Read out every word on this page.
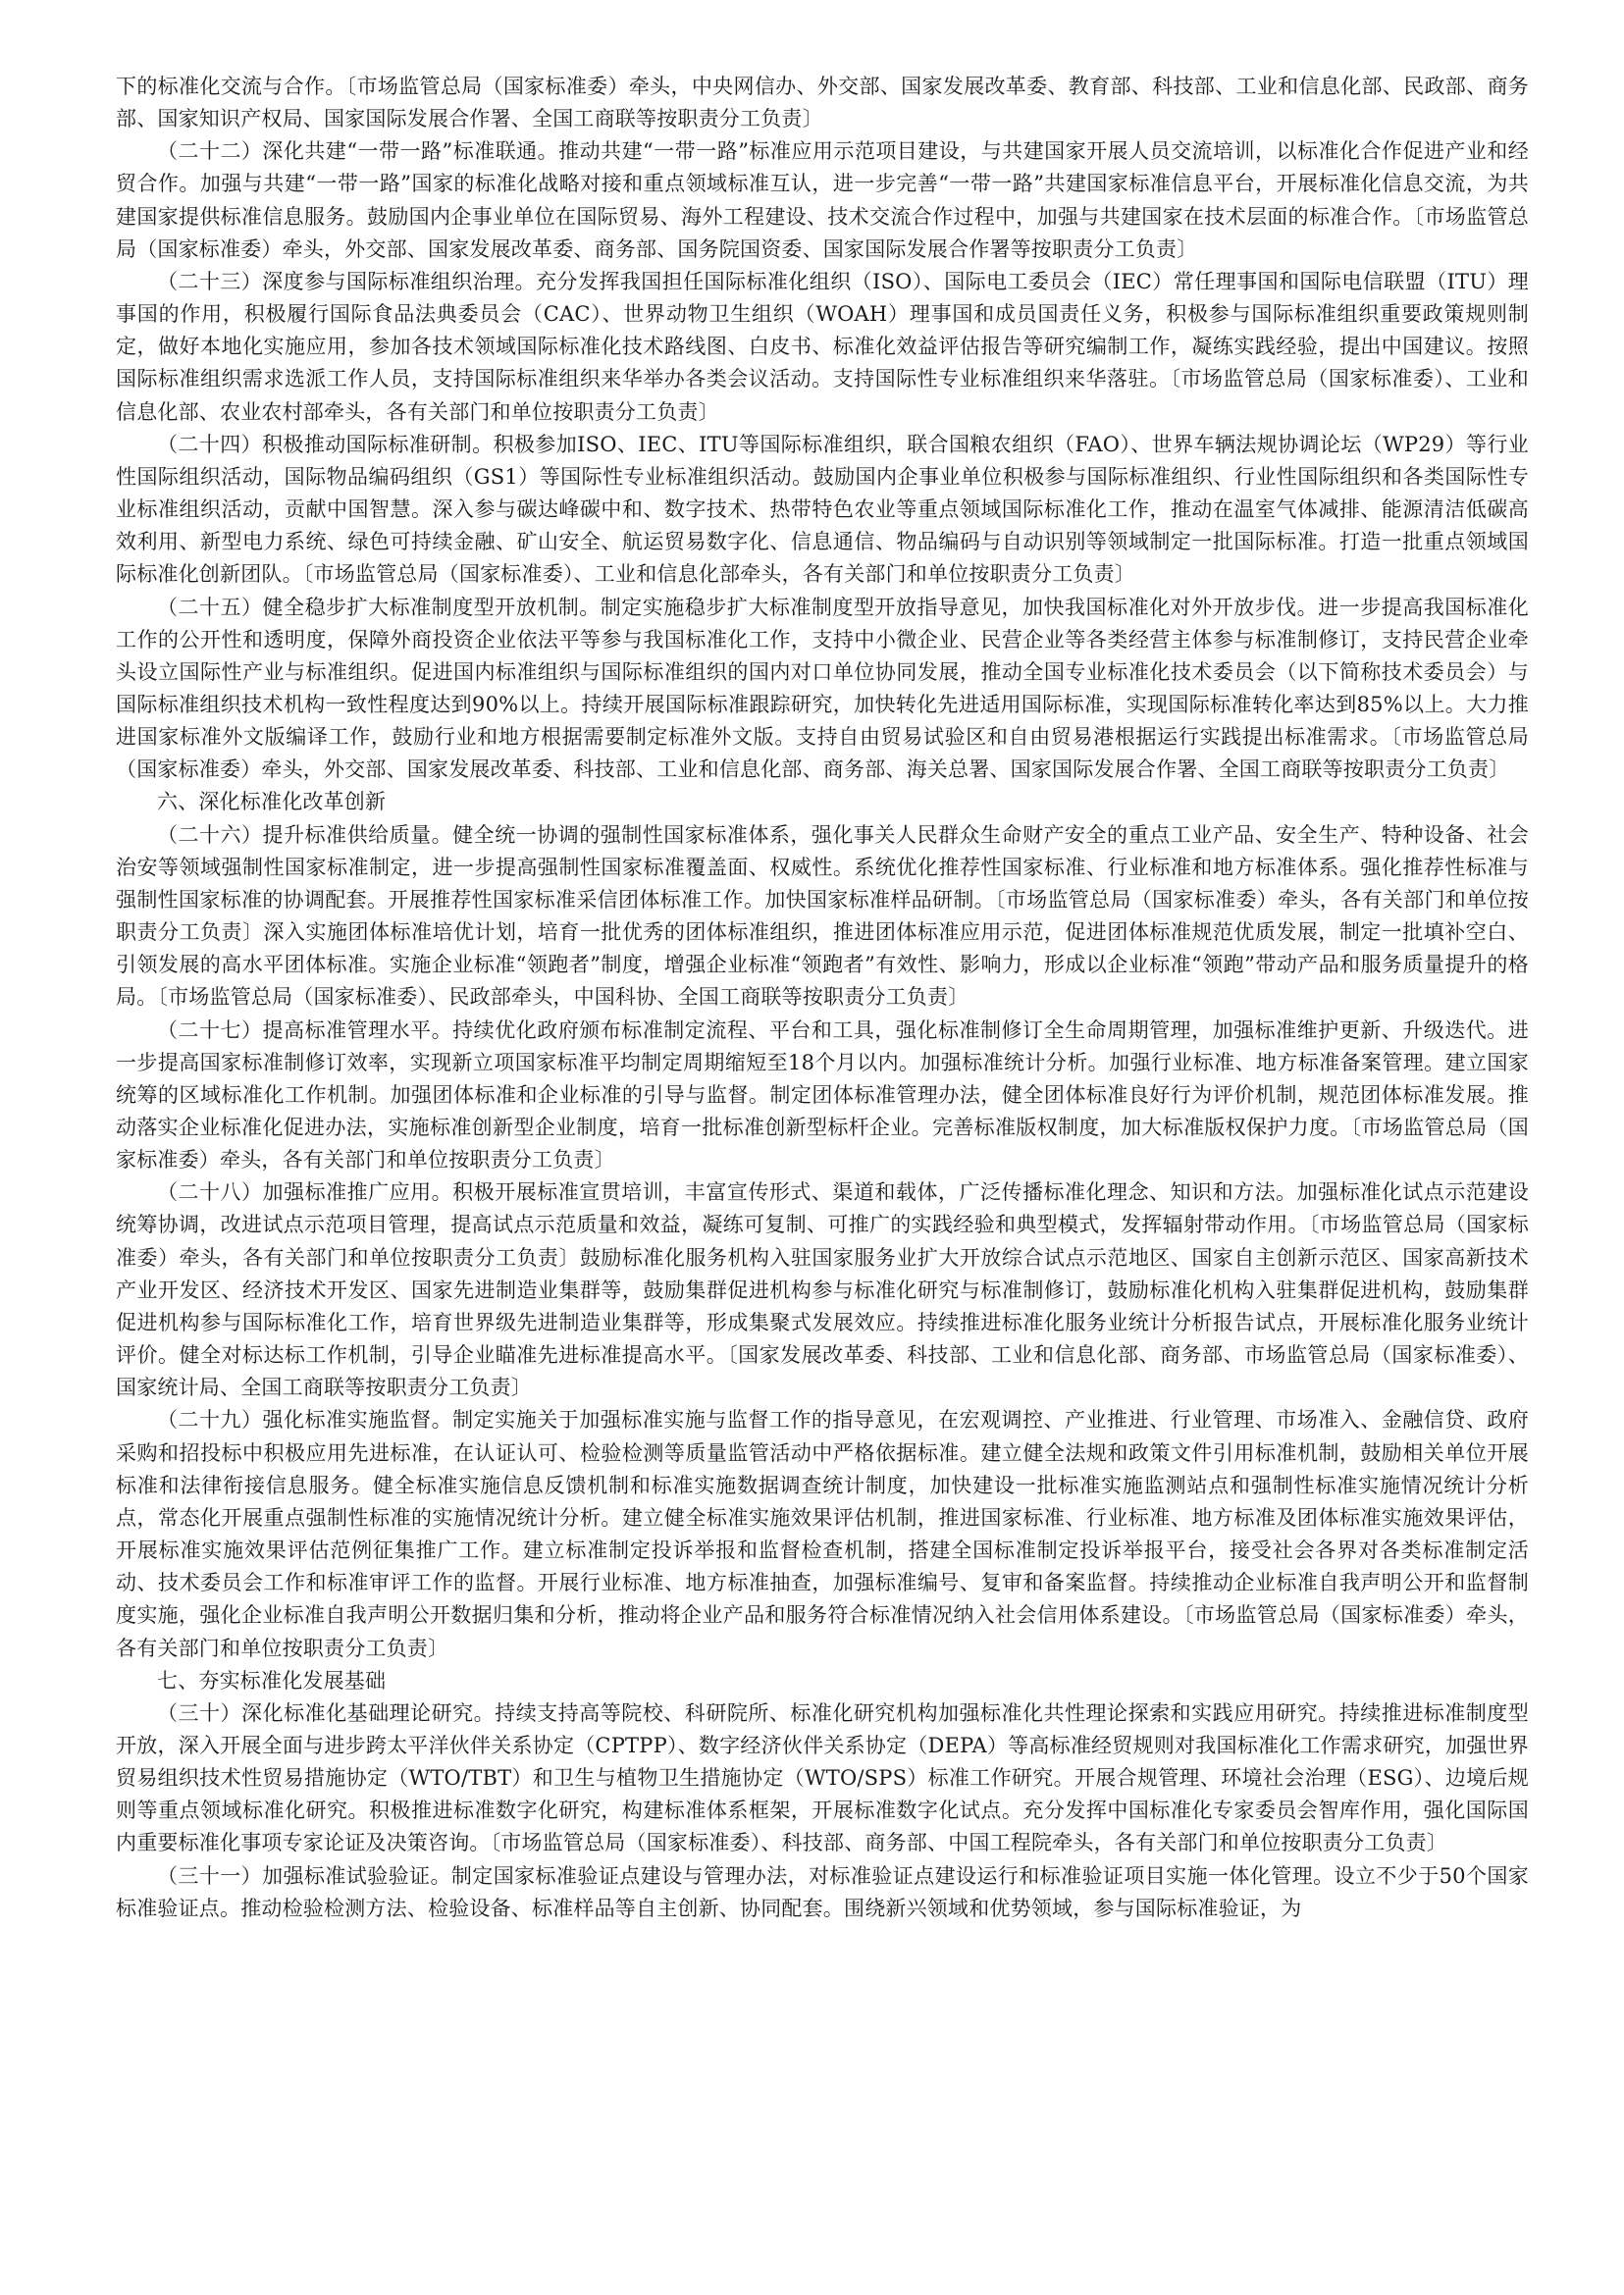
下的标准化交流与合作。〔市场监管总局（国家标准委）牵头，中央网信办、外交部、国家发展改革委、教育部、科技部、工业和信息化部、民政部、商务部、国家知识产权局、国家国际发展合作署、全国工商联等按职责分工负责〕

（二十二）深化共建“一带一路”标准联通。推动共建“一带一路”标准应用示范项目建设，与共建国家开展人员交流培训，以标准化合作促进产业和经贸合作。加强与共建“一带一路”国家的标准化战略对接和重点领域标准互认，进一步完善“一带一路”共建国家标准信息平台，开展标准化信息交流，为共建国家提供标准信息服务。鼓励国内企事业单位在国际贸易、海外工程建设、技术交流合作过程中，加强与共建国家在技术层面的标准合作。〔市场监管总局（国家标准委）牵头，外交部、国家发展改革委、商务部、国务院国资委、国家国际发展合作署等按职责分工负责〕

（二十三）深度参与国际标准组织治理。充分发挥我国担任国际标准化组织（ISO）、国际电工委员会（IEC）常任理事国和国际电信联盟（ITU）理事国的作用，积极履行国际食品法典委员会（CAC）、世界动物卫生组织（WOAH）理事国和成员国责任义务，积极参与国际标准组织重要政策规则制定，做好本地化实施应用，参加各技术领域国际标准化技术路线图、白皮书、标准化效益评估报告等研究编制工作，凝练实践经验，提出中国建议。按照国际标准组织需求选派工作人员，支持国际标准组织来华举办各类会议活动。支持国际性专业标准组织来华落驻。〔市场监管总局（国家标准委）、工业和信息化部、农业农村部牵头，各有关部门和单位按职责分工负责〕

（二十四）积极推动国际标准研制。积极参加ISO、IEC、ITU等国际标准组织，联合国粮农组织（FAO）、世界车辆法规协调论坛（WP29）等行业性国际组织活动，国际物品编码组织（GS1）等国际性专业标准组织活动。鼓励国内企事业单位积极参与国际标准组织、行业性国际组织和各类国际性专业标准组织活动，贡献中国智慧。深入参与碳达峰碳中和、数字技术、热带特色农业等重点领域国际标准化工作，推动在温室气体减排、能源清洁低碳高效利用、新型电力系统、绿色可持续金融、矿山安全、航运贸易数字化、信息通信、物品编码与自动识别等领域制定一批国际标准。打造一批重点领域国际标准化创新团队。〔市场监管总局（国家标准委）、工业和信息化部牵头，各有关部门和单位按职责分工负责〕

（二十五）健全稳步扩大标准制度型开放机制。制定实施稳步扩大标准制度型开放指导意见，加快我国标准化对外开放步伐。进一步提高我国标准化工作的公开性和透明度，保障外商投资企业依法平等参与我国标准化工作，支持中小微企业、民营企业等各类经营主体参与标准制修订，支持民营企业牵头设立国际性产业与标准组织。促进国内标准组织与国际标准组织的国内对口单位协同发展，推动全国专业标准化技术委员会（以下简称技术委员会）与国际标准组织技术机构一致性程度达到90%以上。持续开展国际标准跟踪研究，加快转化先进适用国际标准，实现国际标准转化率达到85%以上。大力推进国家标准外文版编译工作，鼓励行业和地方根据需要制定标准外文版。支持自由贸易试验区和自由贸易港根据运行实践提出标准需求。〔市场监管总局（国家标准委）牵头，外交部、国家发展改革委、科技部、工业和信息化部、商务部、海关总署、国家国际发展合作署、全国工商联等按职责分工负责〕

六、深化标准化改革创新

（二十六）提升标准供给质量。健全统一协调的强制性国家标准体系，强化事关人民群众生命财产安全的重点工业产品、安全生产、特种设备、社会治安等领域强制性国家标准制定，进一步提高强制性国家标准覆盖面、权威性。系统优化推荐性国家标准、行业标准和地方标准体系。强化推荐性标准与强制性国家标准的协调配套。开展推荐性国家标准采信团体标准工作。加快国家标准样品研制。〔市场监管总局（国家标准委）牵头，各有关部门和单位按职责分工负责〕深入实施团体标准培优计划，培育一批优秀的团体标准组织，推进团体标准应用示范，促进团体标准规范优质发展，制定一批填补空白、引领发展的高水平团体标准。实施企业标准“领跑者”制度，增强企业标准“领跑者”有效性、影响力，形成以企业标准“领跑”带动产品和服务质量提升的格局。〔市场监管总局（国家标准委）、民政部牵头，中国科协、全国工商联等按职责分工负责〕

（二十七）提高标准管理水平。持续优化政府颁布标准制定流程、平台和工具，强化标准制修订全生命周期管理，加强标准维护更新、升级迭代。进一步提高国家标准制修订效率，实现新立项国家标准平均制定周期缩短至18个月以内。加强标准统计分析。加强行业标准、地方标准备案管理。建立国家统筹的区域标准化工作机制。加强团体标准和企业标准的引导与监督。制定团体标准管理办法，健全团体标准良好行为评价机制，规范团体标准发展。推动落实企业标准化促进办法，实施标准创新型企业制度，培育一批标准创新型标杆企业。完善标准版权制度，加大标准版权保护力度。〔市场监管总局（国家标准委）牵头，各有关部门和单位按职责分工负责〕

（二十八）加强标准推广应用。积极开展标准宣贯培训，丰富宣传形式、渠道和载体，广泛传播标准化理念、知识和方法。加强标准化试点示范建设统筹协调，改进试点示范项目管理，提高试点示范质量和效益，凝练可复制、可推广的实践经验和典型模式，发挥辐射带动作用。〔市场监管总局（国家标准委）牵头，各有关部门和单位按职责分工负责〕鼓励标准化服务机构入驻国家服务业扩大开放综合试点示范地区、国家自主创新示范区、国家高新技术产业开发区、经济技术开发区、国家先进制造业集群等，鼓励集群促进机构参与标准化研究与标准制修订，鼓励标准化机构入驻集群促进机构，鼓励集群促进机构参与国际标准化工作，培育世界级先进制造业集群等，形成集聚式发展效应。持续推进标准化服务业统计分析报告试点，开展标准化服务业统计评价。健全对标达标工作机制，引导企业瞄准先进标准提高水平。〔国家发展改革委、科技部、工业和信息化部、商务部、市场监管总局（国家标准委）、国家统计局、全国工商联等按职责分工负责〕

（二十九）强化标准实施监督。制定实施关于加强标准实施与监督工作的指导意见，在宏观调控、产业推进、行业管理、市场准入、金融信贷、政府采购和招投标中积极应用先进标准，在认证认可、检验检测等质量监管活动中严格依据标准。建立健全法规和政策文件引用标准机制，鼓励相关单位开展标准和法律衔接信息服务。健全标准实施信息反馈机制和标准实施数据调查统计制度，加快建设一批标准实施监测站点和强制性标准实施情况统计分析点，常态化开展重点强制性标准的实施情况统计分析。建立健全标准实施效果评估机制，推进国家标准、行业标准、地方标准及团体标准实施效果评估，开展标准实施效果评估范例征集推广工作。建立标准制定投诉举报和监督检查机制，搭建全国标准制定投诉举报平台，接受社会各界对各类标准制定活动、技术委员会工作和标准审评工作的监督。开展行业标准、地方标准抽查，加强标准编号、复审和备案监督。持续推动企业标准自我声明公开和监督制度实施，强化企业标准自我声明公开数据归集和分析，推动将企业产品和服务符合标准情况纳入社会信用体系建设。〔市场监管总局（国家标准委）牵头，各有关部门和单位按职责分工负责〕

七、夯实标准化发展基础

（三十）深化标准化基础理论研究。持续支持高等院校、科研院所、标准化研究机构加强标准化共性理论探索和实践应用研究。持续推进标准制度型开放，深入开展全面与进步跨太平洋伙伴关系协定（CPTPP）、数字经济伙伴关系协定（DEPA）等高标准经贸规则对我国标准化工作需求研究，加强世界贸易组织技术性贸易措施协定（WTO/TBT）和卫生与植物卫生措施协定（WTO/SPS）标准工作研究。开展合规管理、环境社会治理（ESG）、边境后规则等重点领域标准化研究。积极推进标准数字化研究，构建标准体系框架，开展标准数字化试点。充分发挥中国标准化专家委员会智库作用，强化国际国内重要标准化事项专家论证及决策咨询。〔市场监管总局（国家标准委）、科技部、商务部、中国工程院牵头，各有关部门和单位按职责分工负责〕

（三十一）加强标准试验验证。制定国家标准验证点建设与管理办法，对标准验证点建设运行和标准验证项目实施一体化管理。设立不少于50个国家标准验证点。推动检验检测方法、检验设备、标准样品等自主创新、协同配套。围绕新兴领域和优势领域，参与国际标准验证，为
